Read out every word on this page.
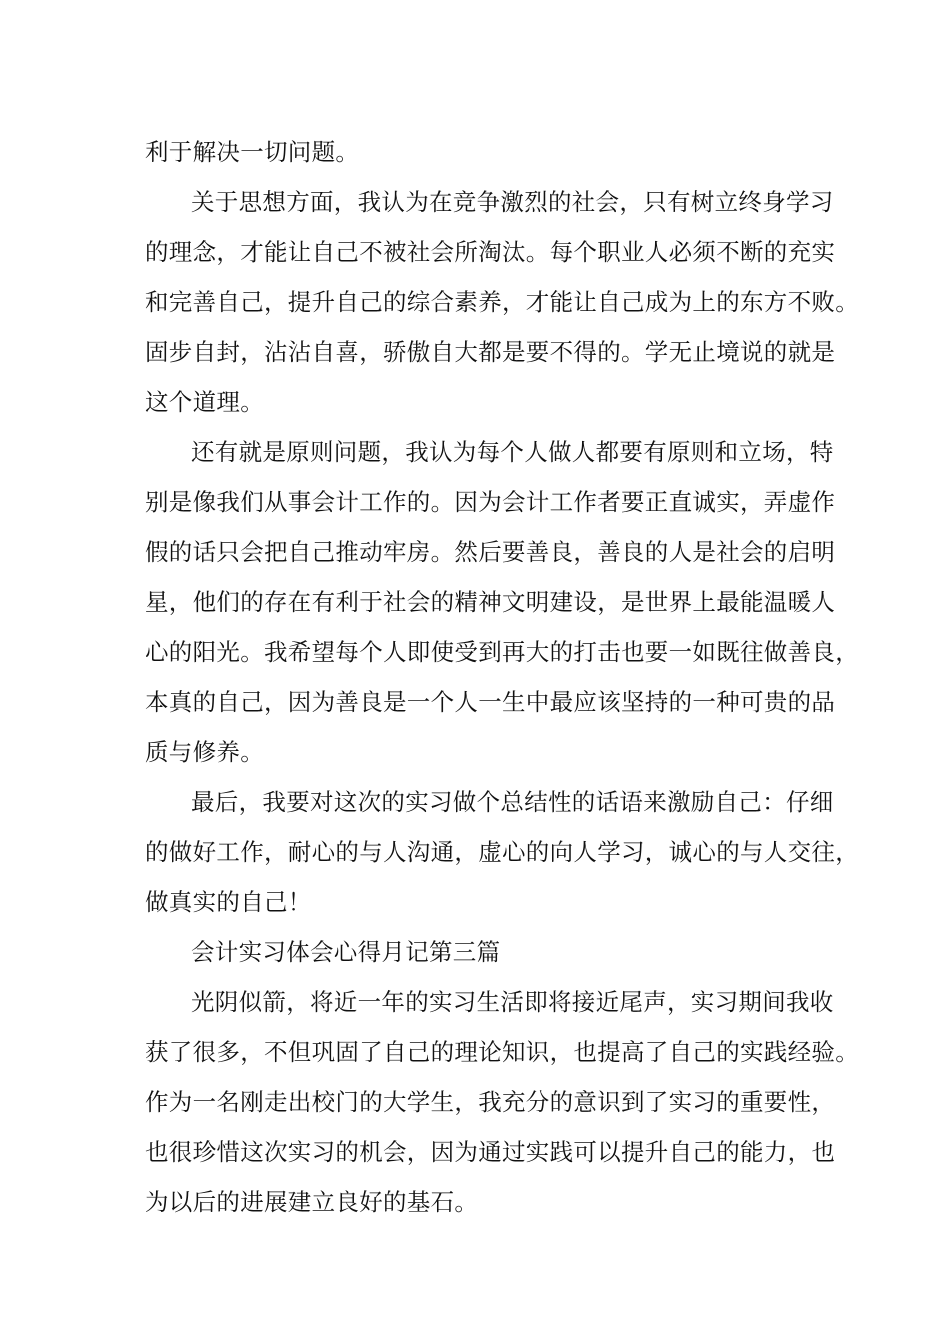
利于解决一切问题。
关于思想方面，我认为在竞争激烈的社会，只有树立终身学习
的理念，才能让自己不被社会所淘汰。每个职业人必须不断的充实
和完善自己，提升自己的综合素养，才能让自己成为上的东方不败。
固步自封，沾沾自喜，骄傲自大都是要不得的。学无止境说的就是
这个道理。
还有就是原则问题，我认为每个人做人都要有原则和立场，特
别是像我们从事会计工作的。因为会计工作者要正直诚实，弄虚作
假的话只会把自己推动牢房。然后要善良，善良的人是社会的启明
星，他们的存在有利于社会的精神文明建设，是世界上最能温暖人
心的阳光。我希望每个人即使受到再大的打击也要一如既往做善良，
本真的自己，因为善良是一个人一生中最应该坚持的一种可贵的品
质与修养。
最后，我要对这次的实习做个总结性的话语来激励自己：仔细
的做好工作，耐心的与人沟通，虚心的向人学习，诚心的与人交往，
做真实的自己！
会计实习体会心得月记第三篇
光阴似箭，将近一年的实习生活即将接近尾声，实习期间我收
获了很多，不但巩固了自己的理论知识，也提高了自己的实践经验。
作为一名刚走出校门的大学生，我充分的意识到了实习的重要性，
也很珍惜这次实习的机会，因为通过实践可以提升自己的能力，也
为以后的进展建立良好的基石。
